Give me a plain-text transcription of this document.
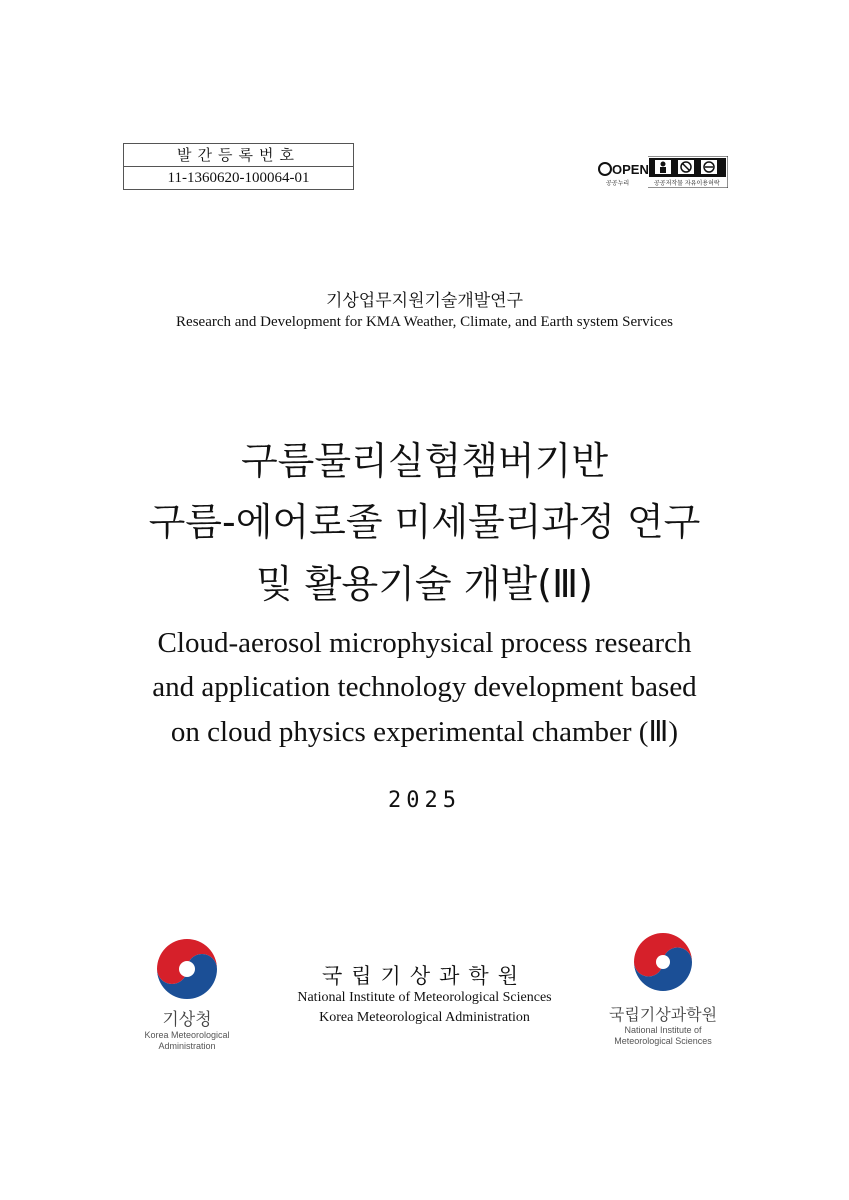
발간등록번호
11-1360620-100064-01
OPEN
공공누리	공공저작물 자유이용허락
기상업무지원기술개발연구
Research and Development for KMA Weather, Climate, and Earth system Services
구름물리실험챔버기반
구름-에어로졸 미세물리과정 연구
및 활용기술 개발(Ⅲ)
Cloud-aerosol microphysical process research
and application technology development based
on cloud physics experimental chamber (Ⅲ)
2025
기상청
Korea Meteorological
Administration
국립기상과학원
National Institute of Meteorological Sciences
Korea Meteorological Administration	국립기상과학원
National Institute of
Meteorological Sciences
